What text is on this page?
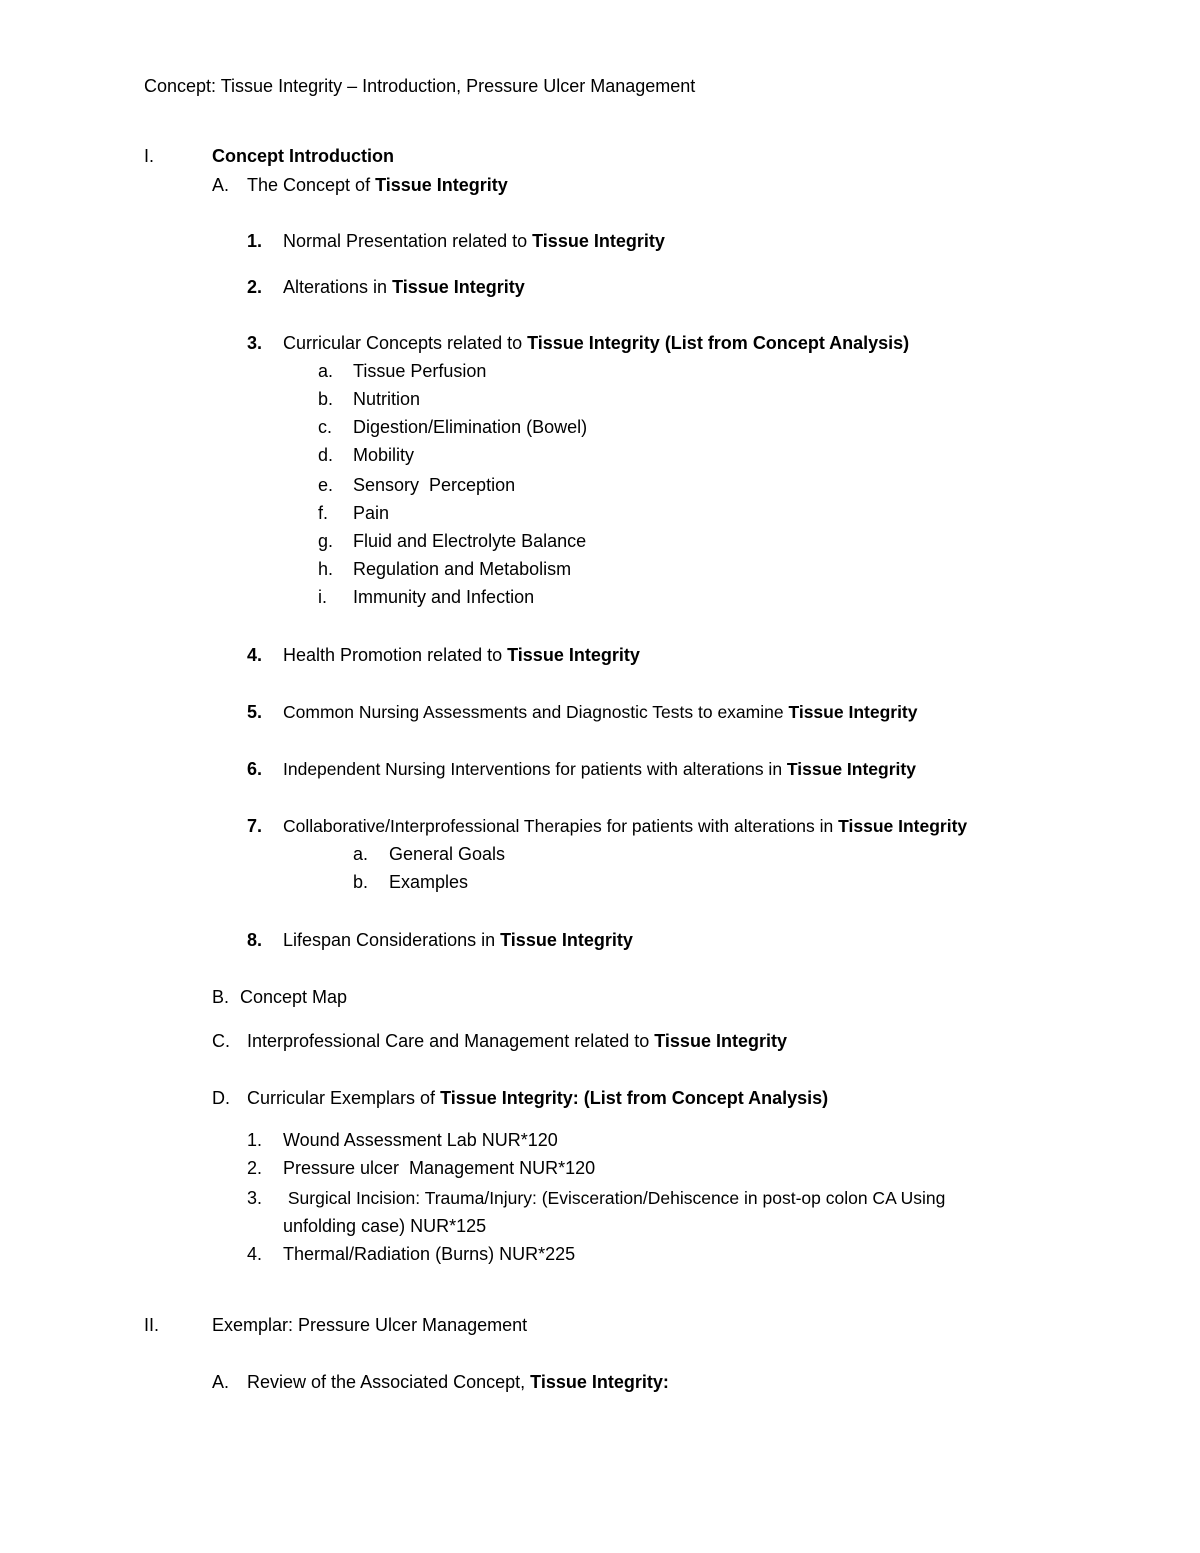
Concept: Tissue Integrity – Introduction, Pressure Ulcer Management
I.	Concept Introduction
A. The Concept of Tissue Integrity
1. Normal Presentation related to Tissue Integrity
2. Alterations in Tissue Integrity
3. Curricular Concepts related to Tissue Integrity (List from Concept Analysis)
a. Tissue Perfusion
b. Nutrition
c. Digestion/Elimination (Bowel)
d. Mobility
e. Sensory  Perception
f. Pain
g. Fluid and Electrolyte Balance
h. Regulation and Metabolism
i. Immunity and Infection
4. Health Promotion related to Tissue Integrity
5. Common Nursing Assessments and Diagnostic Tests to examine Tissue Integrity
6. Independent Nursing Interventions for patients with alterations in Tissue Integrity
7. Collaborative/Interprofessional Therapies for patients with alterations in Tissue Integrity
a. General Goals
b. Examples
8. Lifespan Considerations in Tissue Integrity
B. Concept Map
C. Interprofessional Care and Management related to Tissue Integrity
D. Curricular Exemplars of Tissue Integrity: (List from Concept Analysis)
1. Wound Assessment Lab NUR*120
2. Pressure ulcer  Management NUR*120
3. Surgical Incision: Trauma/Injury: (Evisceration/Dehiscence in post-op colon CA Using
unfolding case) NUR*125
4. Thermal/Radiation (Burns) NUR*225
II.	Exemplar: Pressure Ulcer Management
A. Review of the Associated Concept, Tissue Integrity:
